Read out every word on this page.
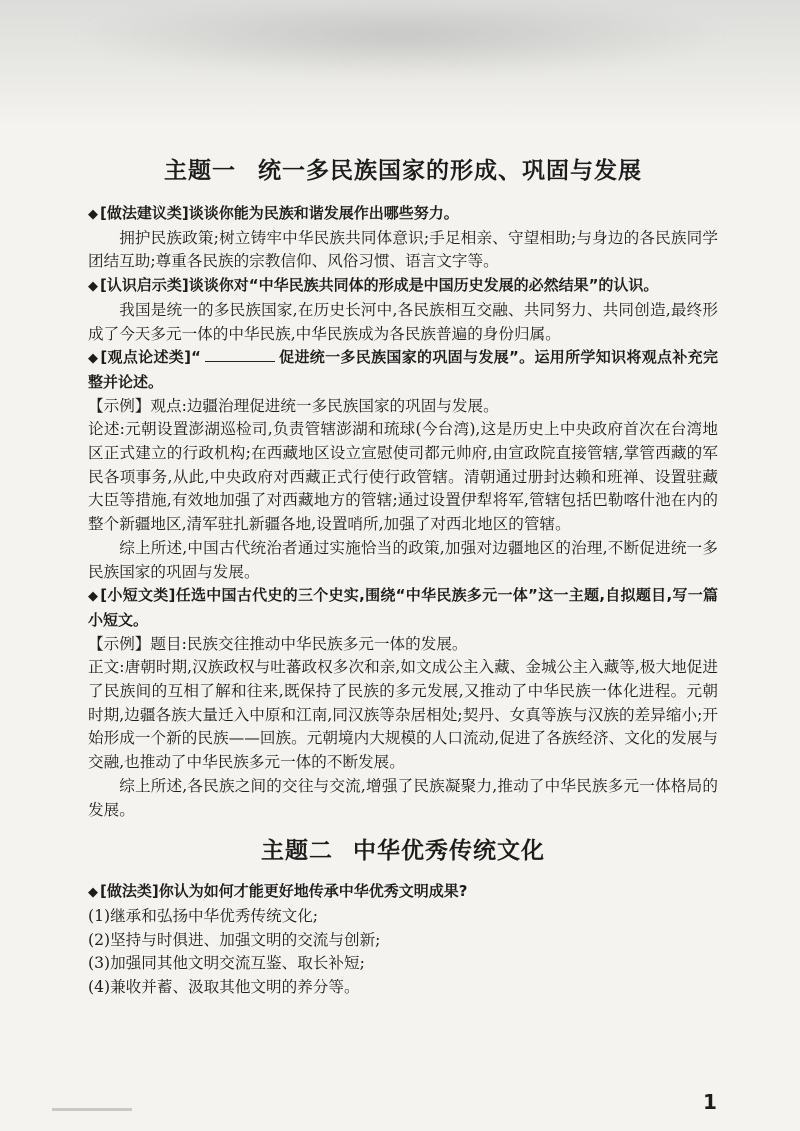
主题一 统一多民族国家的形成、巩固与发展

◆ [做法建议类]谈谈你能为民族和谐发展作出哪些努力。

拥护民族政策;树立铸牢中华民族共同体意识;手足相亲、守望相助;与身边的各民族同学团结互助;尊重各民族的宗教信仰、风俗习惯、语言文字等。

◆ [认识启示类]谈谈你对“中华民族共同体的形成是中国历史发展的必然结果”的认识。

我国是统一的多民族国家,在历史长河中,各民族相互交融、共同努力、共同创造,最终形成了今天多元一体的中华民族,中华民族成为各民族普遍的身份归属。

◆ [观点论述类]“	促进统一多民族国家的巩固与发展”。运用所学知识将观点补充完整并论述。

【示例】观点:边疆治理促进统一多民族国家的巩固与发展。

论述:元朝设置澎湖巡检司,负责管辖澎湖和琉球(今台湾),这是历史上中央政府首次在台湾地区正式建立的行政机构;在西藏地区设立宣慰使司都元帅府,由宣政院直接管辖,掌管西藏的军民各项事务,从此,中央政府对西藏正式行使行政管辖。清朝通过册封达赖和班禅、设置驻藏大臣等措施,有效地加强了对西藏地方的管辖;通过设置伊犁将军,管辖包括巴勒喀什池在内的整个新疆地区,清军驻扎新疆各地,设置哨所,加强了对西北地区的管辖。

综上所述,中国古代统治者通过实施恰当的政策,加强对边疆地区的治理,不断促进统一多民族国家的巩固与发展。

◆ [小短文类]任选中国古代史的三个史实,围绕“中华民族多元一体”这一主题,自拟题目,写一篇小短文。

【示例】题目:民族交往推动中华民族多元一体的发展。

正文:唐朝时期,汉族政权与吐蕃政权多次和亲,如文成公主入藏、金城公主入藏等,极大地促进了民族间的互相了解和往来,既保持了民族的多元发展,又推动了中华民族一体化进程。元朝时期,边疆各族大量迁入中原和江南,同汉族等杂居相处;契丹、女真等族与汉族的差异缩小;开始形成一个新的民族——回族。元朝境内大规模的人口流动,促进了各族经济、文化的发展与交融,也推动了中华民族多元一体的不断发展。

综上所述,各民族之间的交往与交流,增强了民族凝聚力,推动了中华民族多元一体格局的发展。

主题二 中华优秀传统文化

◆ [做法类]你认为如何才能更好地传承中华优秀文明成果?

(1)继承和弘扬中华优秀传统文化;

(2)坚持与时俱进、加强文明的交流与创新;

(3)加强同其他文明交流互鉴、取长补短;

(4)兼收并蓄、汲取其他文明的养分等。

1
